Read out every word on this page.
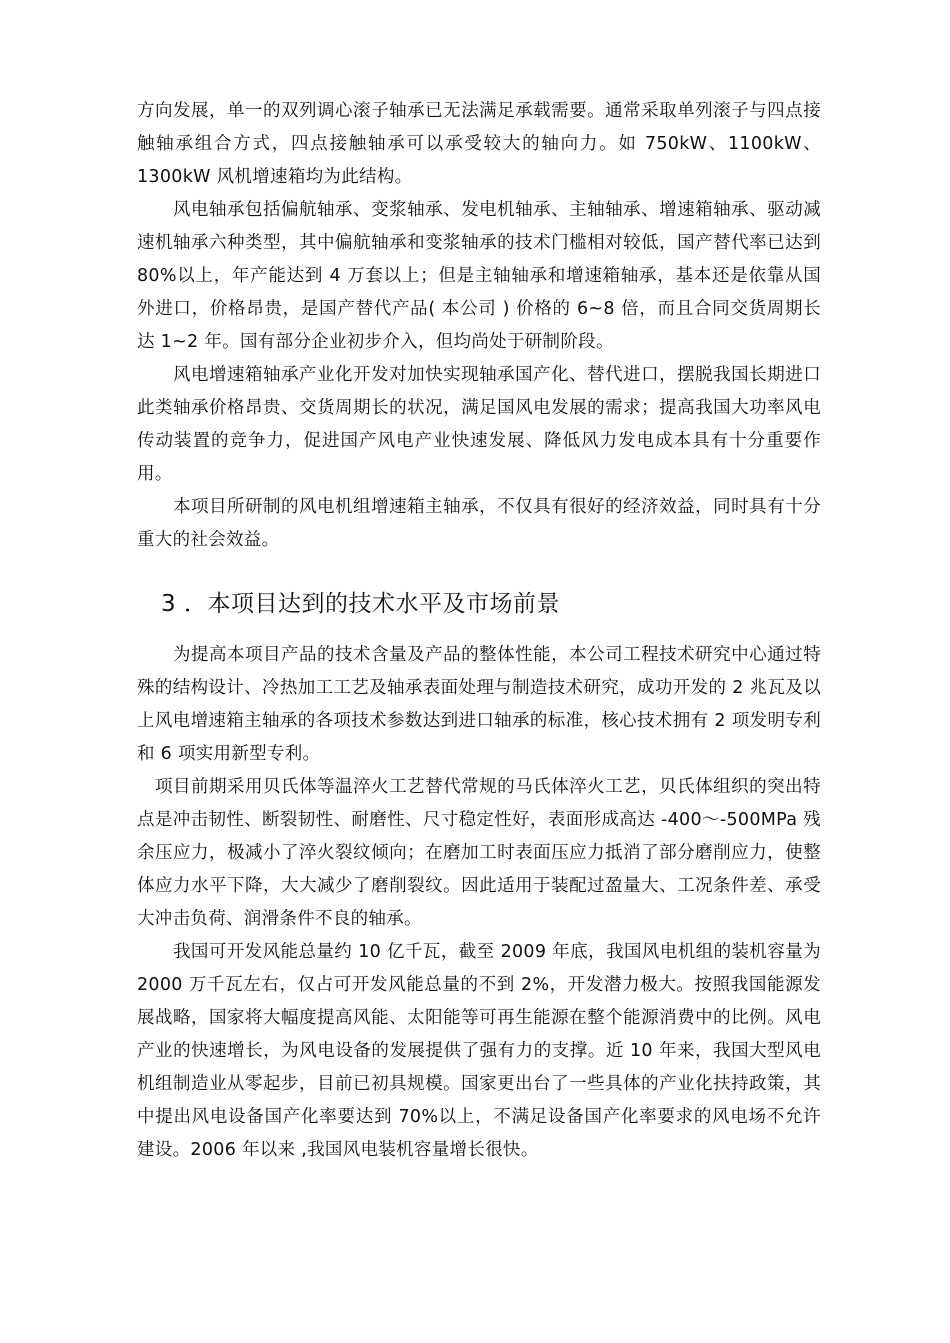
方向发展，单一的双列调心滚子轴承已无法满足承载需要。通常采取单列滚子与四点接触轴承组合方式，四点接触轴承可以承受较大的轴向力。如 750kW、1100kW、1300kW 风机增速箱均为此结构。

风电轴承包括偏航轴承、变浆轴承、发电机轴承、主轴轴承、增速箱轴承、驱动减速机轴承六种类型，其中偏航轴承和变浆轴承的技术门槛相对较低，国产替代率已达到 80%以上，年产能达到 4 万套以上；但是主轴轴承和增速箱轴承，基本还是依靠从国外进口，价格昂贵，是国产替代产品( 本公司 ) 价格的 6~8 倍，而且合同交货周期长达 1~2 年。国有部分企业初步介入，但均尚处于研制阶段。

风电增速箱轴承产业化开发对加快实现轴承国产化、替代进口，摆脱我国长期进口此类轴承价格昂贵、交货周期长的状况，满足国风电发展的需求；提高我国大功率风电传动装置的竞争力，促进国产风电产业快速发展、降低风力发电成本具有十分重要作用。

本项目所研制的风电机组增速箱主轴承，不仅具有很好的经济效益，同时具有十分重大的社会效益。

3 ．本项目达到的技术水平及市场前景

为提高本项目产品的技术含量及产品的整体性能，本公司工程技术研究中心通过特殊的结构设计、冷热加工工艺及轴承表面处理与制造技术研究，成功开发的 2 兆瓦及以上风电增速箱主轴承的各项技术参数达到进口轴承的标准，核心技术拥有 2 项发明专利和 6 项实用新型专利。

项目前期采用贝氏体等温淬火工艺替代常规的马氏体淬火工艺，贝氏体组织的突出特点是冲击韧性、断裂韧性、耐磨性、尺寸稳定性好，表面形成高达 -400～-500MPa 残余压应力，极减小了淬火裂纹倾向；在磨加工时表面压应力抵消了部分磨削应力，使整体应力水平下降，大大减少了磨削裂纹。因此适用于装配过盈量大、工况条件差、承受大冲击负荷、润滑条件不良的轴承。

我国可开发风能总量约 10 亿千瓦，截至 2009 年底，我国风电机组的装机容量为 2000 万千瓦左右，仅占可开发风能总量的不到 2%，开发潜力极大。按照我国能源发展战略，国家将大幅度提高风能、太阳能等可再生能源在整个能源消费中的比例。风电产业的快速增长，为风电设备的发展提供了强有力的支撑。近 10 年来，我国大型风电机组制造业从零起步，目前已初具规模。国家更出台了一些具体的产业化扶持政策，其中提出风电设备国产化率要达到 70%以上，不满足设备国产化率要求的风电场不允许建设。2006 年以来 ,我国风电装机容量增长很快。
